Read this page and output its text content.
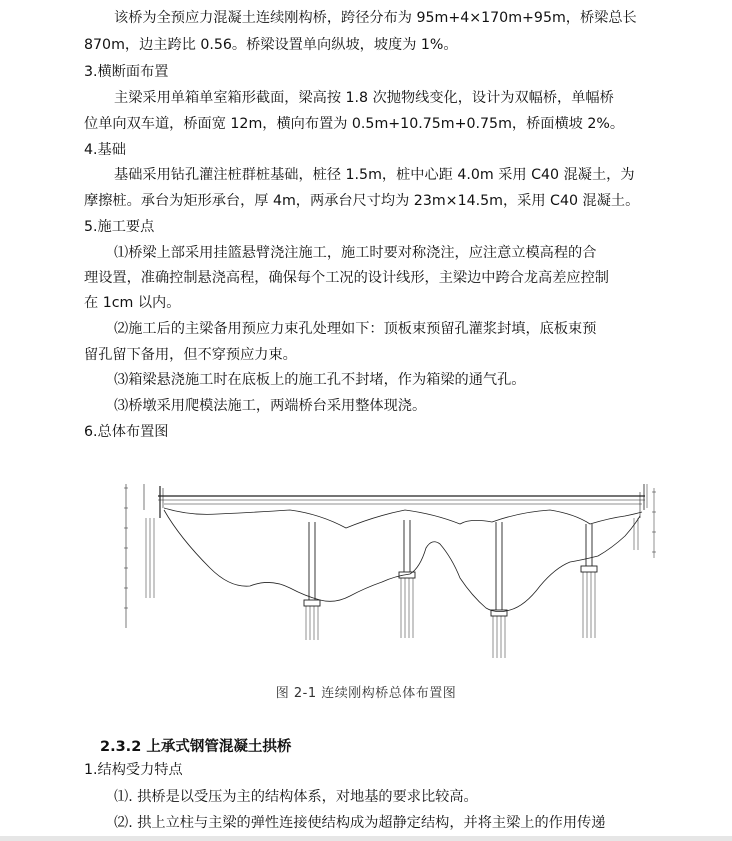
该桥为全预应力混凝土连续刚构桥，跨径分布为 95m+4×170m+95m，桥梁总长
870m，边主跨比 0.56。桥梁设置单向纵坡，坡度为 1%。
3.横断面布置
主梁采用单箱单室箱形截面，梁高按 1.8 次抛物线变化，设计为双幅桥，单幅桥
位单向双车道，桥面宽 12m，横向布置为 0.5m+10.75m+0.75m，桥面横坡 2%。
4.基础
基础采用钻孔灌注桩群桩基础，桩径 1.5m，桩中心距 4.0m 采用 C40 混凝土，为
摩擦桩。承台为矩形承台，厚 4m，两承台尺寸均为 23m×14.5m，采用 C40 混凝土。
5.施工要点
⑴桥梁上部采用挂篮悬臂浇注施工，施工时要对称浇注，应注意立模高程的合
理设置，准确控制悬浇高程，确保每个工况的设计线形，主梁边中跨合龙高差应控制
在 1cm 以内。
⑵施工后的主梁备用预应力束孔处理如下：顶板束预留孔灌浆封填，底板束预
留孔留下备用，但不穿预应力束。
⑶箱梁悬浇施工时在底板上的施工孔不封堵，作为箱梁的通气孔。
⑶桥墩采用爬模法施工，两端桥台采用整体现浇。
6.总体布置图
图 2-1 连续刚构桥总体布置图
2.3.2 上承式钢管混凝土拱桥
1.结构受力特点
⑴. 拱桥是以受压为主的结构体系，对地基的要求比较高。
⑵. 拱上立柱与主梁的弹性连接使结构成为超静定结构，并将主梁上的作用传递
